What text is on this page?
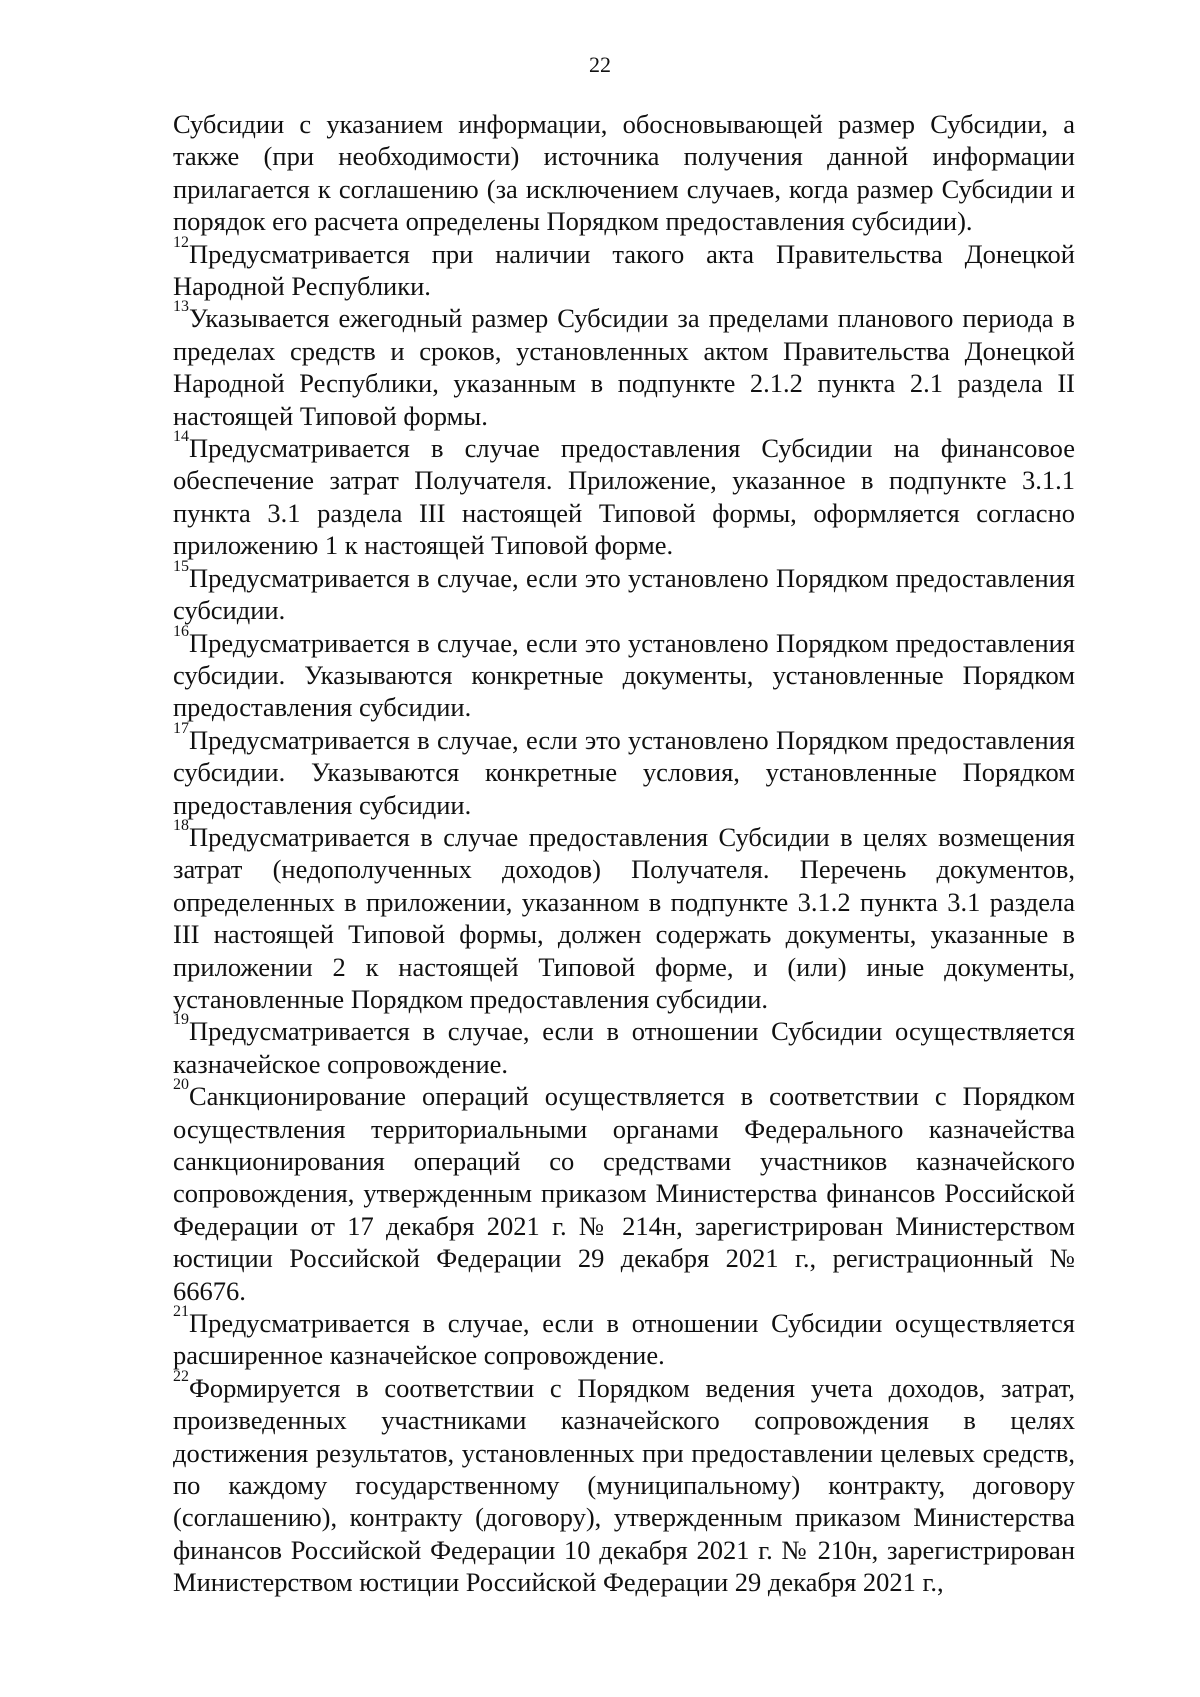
22

Субсидии с указанием информации, обосновывающей размер Субсидии, а также (при необходимости) источника получения данной информации прилагается к соглашению (за исключением случаев, когда размер Субсидии и порядок его расчета определены Порядком предоставления субсидии).

$^{12}$Предусматривается при наличии такого акта Правительства Донецкой Народной Республики.

$^{13}$Указывается ежегодный размер Субсидии за пределами планового периода в пределах средств и сроков, установленных актом Правительства Донецкой Народной Республики, указанным в подпункте 2.1.2 пункта 2.1 раздела II настоящей Типовой формы.

$^{14}$Предусматривается в случае предоставления Субсидии на финансовое обеспечение затрат Получателя. Приложение, указанное в подпункте 3.1.1 пункта 3.1 раздела III настоящей Типовой формы, оформляется согласно приложению 1 к настоящей Типовой форме.

$^{15}$Предусматривается в случае, если это установлено Порядком предоставления субсидии.

$^{16}$Предусматривается в случае, если это установлено Порядком предоставления субсидии. Указываются конкретные документы, установленные Порядком предоставления субсидии.

$^{17}$Предусматривается в случае, если это установлено Порядком предоставления субсидии. Указываются конкретные условия, установленные Порядком предоставления субсидии.

$^{18}$Предусматривается в случае предоставления Субсидии в целях возмещения затрат (недополученных доходов) Получателя. Перечень документов, определенных в приложении, указанном в подпункте 3.1.2 пункта 3.1 раздела III настоящей Типовой формы, должен содержать документы, указанные в приложении 2 к настоящей Типовой форме, и (или) иные документы, установленные Порядком предоставления субсидии.

$^{19}$Предусматривается в случае, если в отношении Субсидии осуществляется казначейское сопровождение.

$^{20}$Санкционирование операций осуществляется в соответствии с Порядком осуществления территориальными органами Федерального казначейства санкционирования операций со средствами участников казначейского сопровождения, утвержденным приказом Министерства финансов Российской Федерации от 17 декабря 2021 г. № 214н, зарегистрирован Министерством юстиции Российской Федерации 29 декабря 2021 г., регистрационный № 66676.

$^{21}$Предусматривается в случае, если в отношении Субсидии осуществляется расширенное казначейское сопровождение.

$^{22}$Формируется в соответствии с Порядком ведения учета доходов, затрат, произведенных участниками казначейского сопровождения в целях достижения результатов, установленных при предоставлении целевых средств, по каждому государственному (муниципальному) контракту, договору (соглашению), контракту (договору), утвержденным приказом Министерства финансов Российской Федерации 10 декабря 2021 г. № 210н, зарегистрирован Министерством юстиции Российской Федерации 29 декабря 2021 г.,
